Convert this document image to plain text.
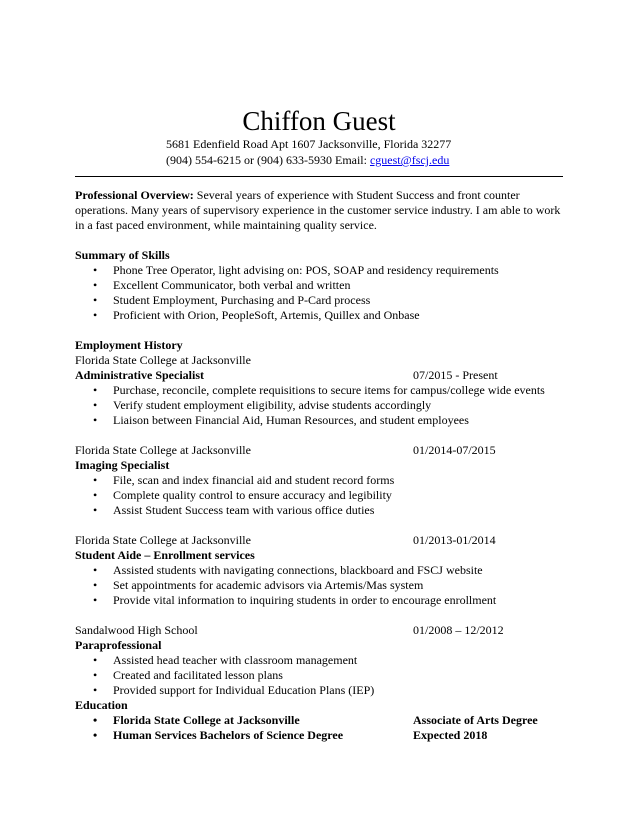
Chiffon Guest
5681 Edenfield Road Apt 1607 Jacksonville, Florida 32277
(904) 554-6215 or (904) 633-5930 Email: cguest@fscj.edu

Professional Overview: Several years of experience with Student Success and front counter operations. Many years of supervisory experience in the customer service industry. I am able to work in a fast paced environment, while maintaining quality service.

Summary of Skills

• Phone Tree Operator, light advising on: POS, SOAP and residency requirements
• Excellent Communicator, both verbal and written
• Student Employment, Purchasing and P-Card process
• Proficient with Orion, PeopleSoft, Artemis, Quillex and Onbase

Employment History

Florida State College at Jacksonville
Administrative Specialist	07/2015 - Present
• Purchase, reconcile, complete requisitions to secure items for campus/college wide events
• Verify student employment eligibility, advise students accordingly
• Liaison between Financial Aid, Human Resources, and student employees
Florida State College at Jacksonville	01/2014-07/2015
Imaging Specialist
• File, scan and index financial aid and student record forms
• Complete quality control to ensure accuracy and legibility
• Assist Student Success team with various office duties
Florida State College at Jacksonville	01/2013-01/2014
Student Aide – Enrollment services
• Assisted students with navigating connections, blackboard and FSCJ website
• Set appointments for academic advisors via Artemis/Mas system
• Provide vital information to inquiring students in order to encourage enrollment
Sandalwood High School	01/2008 – 12/2012
Paraprofessional
• Assisted head teacher with classroom management
• Created and facilitated lesson plans
• Provided support for Individual Education Plans (IEP)

Education

• Florida State College at Jacksonville	Associate of Arts Degree
• Human Services Bachelors of Science Degree	Expected 2018
